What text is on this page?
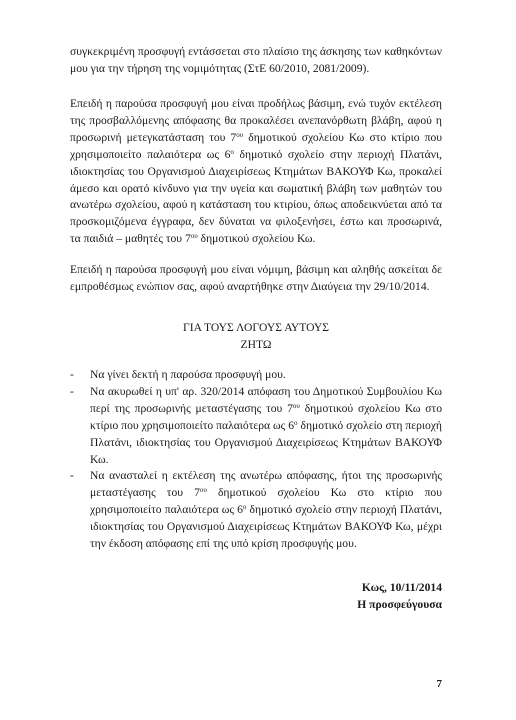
συγκεκριμένη προσφυγή εντάσσεται στο πλαίσιο της άσκησης των καθηκόντων μου για την τήρηση της νομιμότητας (ΣτΕ 60/2010, 2081/2009).

Επειδή η παρούσα προσφυγή μου είναι προδήλως βάσιμη, ενώ τυχόν εκτέλεση της προσβαλλόμενης απόφασης θα προκαλέσει ανεπανόρθωτη βλάβη, αφού η προσωρινή μετεγκατάσταση του $7^{o\upsilon}$ δημοτικού σχολείου Κω στο κτίριο που χρησιμοποιείτο παλαιότερα ως $6^o$ δημοτικό σχολείο στην περιοχή Πλατάνι, ιδιοκτησίας του Οργανισμού Διαχειρίσεως Κτημάτων ΒΑΚΟΥΦ Κω, προκαλεί άμεσο και ορατό κίνδυνο για την υγεία και σωματική βλάβη των μαθητών του ανωτέρω σχολείου, αφού η κατάσταση του κτιρίου, όπως αποδεικνύεται από τα προσκομιζόμενα έγγραφα, δεν δύναται να φιλοξενήσει, έστω και προσωρινά, τα παιδιά – μαθητές του $7^{o\upsilon}$ δημοτικού σχολείου Κω.

Επειδή η παρούσα προσφυγή μου είναι νόμιμη, βάσιμη και αληθής ασκείται δε εμπροθέσμως ενώπιον σας, αφού αναρτήθηκε στην Διαύγεια την 29/10/2014.

ΓΙΑ ΤΟΥΣ ΛΟΓΟΥΣ ΑΥΤΟΥΣ

ΖΗΤΩ

- Να γίνει δεκτή η παρούσα προσφυγή μου.
- Να ακυρωθεί η υπ' αρ. 320/2014 απόφαση του Δημοτικού Συμβουλίου Κω περί της προσωρινής μεταστέγασης του $7^{o\upsilon}$ δημοτικού σχολείου Κω στο κτίριο που χρησιμοποιείτο παλαιότερα ως $6^o$ δημοτικό σχολείο στη περιοχή Πλατάνι, ιδιοκτησίας του Οργανισμού Διαχειρίσεως Κτημάτων ΒΑΚΟΥΦ Κω.
- Να ανασταλεί η εκτέλεση της ανωτέρω απόφασης, ήτοι της προσωρινής μεταστέγασης του $7^{o\upsilon}$ δημοτικού σχολείου Κω στο κτίριο που χρησιμοποιείτο παλαιότερα ως $6^o$ δημοτικό σχολείο στην περιοχή Πλατάνι, ιδιοκτησίας του Οργανισμού Διαχειρίσεως Κτημάτων ΒΑΚΟΥΦ Κω, μέχρι την έκδοση απόφασης επί της υπό κρίση προσφυγής μου.

Κως, 10/11/2014

Η προσφεύγουσα

7
